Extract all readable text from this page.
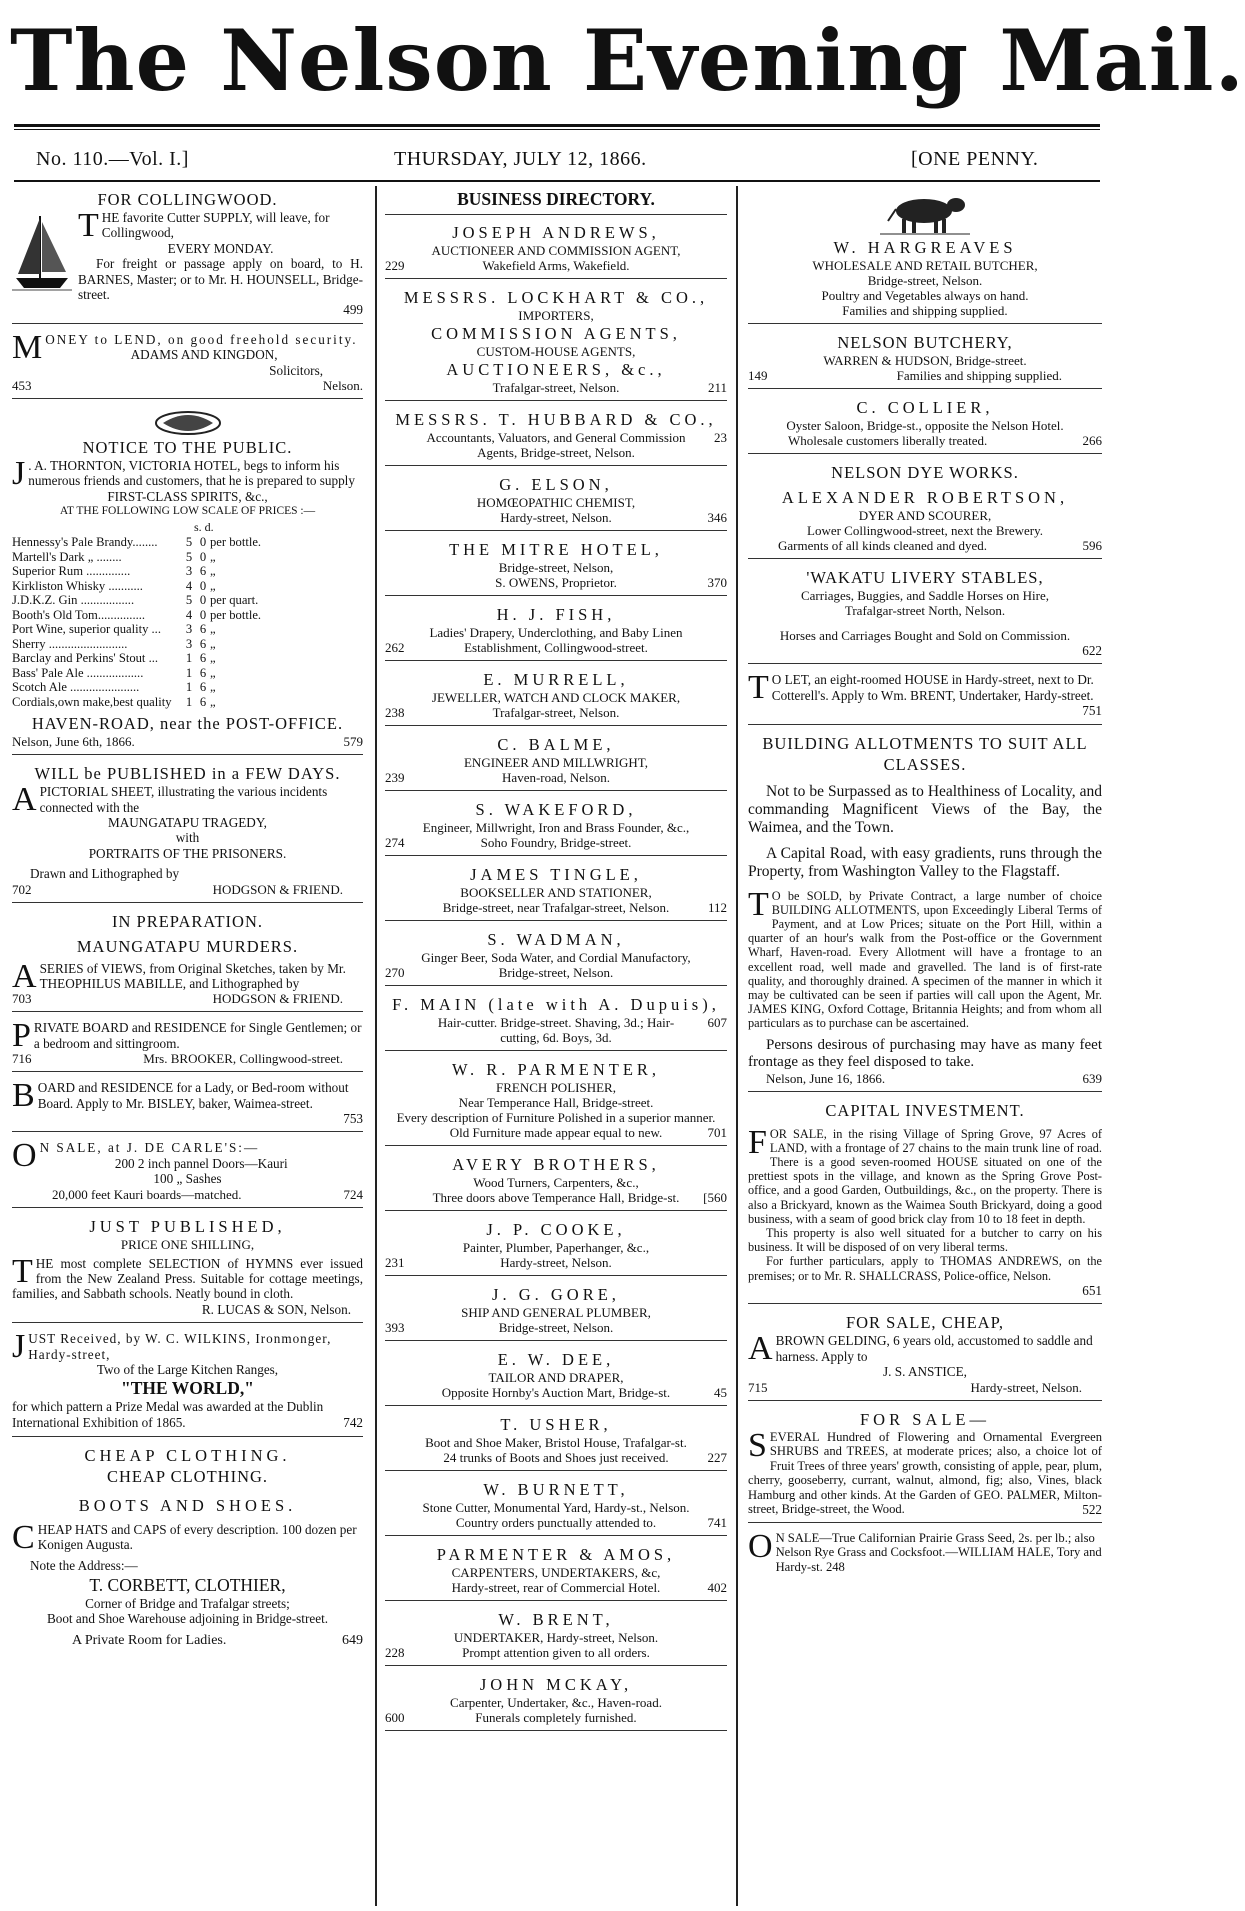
The Nelson Evening Mail.
No. 110.—Vol. I.]	THURSDAY, JULY 12, 1866.	[ONE PENNY.
FOR COLLINGWOOD.
THE favorite Cutter SUPPLY, will leave, for Collingwood,
EVERY MONDAY.
For freight or passage apply on board, to H. BARNES, Master; or to Mr. H. HOUNSELL, Bridge-street.
499
MONEY to LEND, on good freehold security.
ADAMS AND KINGDON,
Solicitors,
453	Nelson.
NOTICE TO THE PUBLIC.
J . A. THORNTON, VICTORIA HOTEL, begs to inform his numerous friends and customers, that he is prepared to supply
FIRST-CLASS SPIRITS, &c.,
AT THE FOLLOWING LOW SCALE OF PRICES :—
s. d.
Hennessy's Pale Brandy........	5 0 per bottle.
Martell's Dark „ ........	5 0 „
Superior Rum ..............	3 6 „
Kirkliston Whisky ...........	4 0 „
J.D.K.Z. Gin .................	5 0 per quart.
Booth's Old Tom...............	4 0 per bottle.
Port Wine, superior quality ...	3 6 „
Sherry .........................	3 6 „
Barclay and Perkins' Stout ...	1 6 „
Bass' Pale Ale ..................	1 6 „
Scotch Ale ......................	1 6 „
Cordials,own make,best quality	1 6 „
HAVEN-ROAD, near the POST-OFFICE.
Nelson, June 6th, 1866.	579
WILL be PUBLISHED in a FEW DAYS.
APICTORIAL SHEET, illustrating the various incidents connected with the
MAUNGATAPU TRAGEDY,
with
PORTRAITS OF THE PRISONERS.
Drawn and Lithographed by
702	HODGSON & FRIEND.
IN PREPARATION.
MAUNGATAPU MURDERS.
ASERIES of VIEWS, from Original Sketches, taken by Mr. THEOPHILUS MABILLE, and Lithographed by
703	HODGSON & FRIEND.
PRIVATE BOARD and RESIDENCE for Single Gentlemen; or a bedroom and sittingroom.
716	Mrs. BROOKER, Collingwood-street.
BOARD and RESIDENCE for a Lady, or Bed-room without Board. Apply to Mr. BISLEY, baker, Waimea-street.
753
O N SALE, at J. DE CARLE'S:—
200 2 inch pannel Doors—Kauri
100 „ Sashes
20,000 feet Kauri boards—matched.	724
JUST PUBLISHED,
PRICE ONE SHILLING,
THE most complete SELECTION of HYMNS ever issued from the New Zealand Press. Suitable for cottage meetings, families, and Sabbath schools. Neatly bound in cloth.
R. LUCAS & SON, Nelson.
JUST Received, by W. C. WILKINS, Ironmonger, Hardy-street,
Two of the Large Kitchen Ranges,
"THE WORLD,"
for which pattern a Prize Medal was awarded at the Dublin International Exhibition of 1865.	742
CHEAP CLOTHING.
CHEAP CLOTHING.
BOOTS AND SHOES.
CHEAP HATS and CAPS of every description. 100 dozen per Konigen Augusta.
Note the Address:—
T. CORBETT, CLOTHIER,
Corner of Bridge and Trafalgar streets;
Boot and Shoe Warehouse adjoining in Bridge-street.
A Private Room for Ladies.	649
BUSINESS DIRECTORY.
JOSEPH ANDREWS,
AUCTIONEER AND COMMISSION AGENT,
229	Wakefield Arms, Wakefield.
MESSRS. LOCKHART & CO.,
IMPORTERS,
COMMISSION AGENTS,
CUSTOM-HOUSE AGENTS,
AUCTIONEERS, &c.,
Trafalgar-street, Nelson.	211
MESSRS. T. HUBBARD & CO.,
Accountants, Valuators, and General Commission Agents, Bridge-street, Nelson.
23
G. ELSON,
HOMŒOPATHIC CHEMIST,
Hardy-street, Nelson.	346
THE MITRE HOTEL,
Bridge-street, Nelson,
S. OWENS, Proprietor.	370
H. J. FISH,
Ladies' Drapery, Underclothing, and Baby Linen
262	Establishment, Collingwood-street.
E. MURRELL,
JEWELLER, WATCH AND CLOCK MAKER,
238	Trafalgar-street, Nelson.
C. BALME,
ENGINEER AND MILLWRIGHT,
239	Haven-road, Nelson.
S. WAKEFORD,
Engineer, Millwright, Iron and Brass Founder, &c.,
274	Soho Foundry, Bridge-street.
JAMES TINGLE,
BOOKSELLER AND STATIONER,
Bridge-street, near Trafalgar-street, Nelson.	112
S. WADMAN,
Ginger Beer, Soda Water, and Cordial Manufactory,
270	Bridge-street, Nelson.
F. MAIN (late with A. Dupuis),
Hair-cutter. Bridge-street. Shaving, 3d.; Hair-cutting, 6d. Boys, 3d.
607
W. R. PARMENTER,
FRENCH POLISHER,
Near Temperance Hall, Bridge-street.
Every description of Furniture Polished in a superior manner.
Old Furniture made appear equal to new.	701
AVERY BROTHERS,
Wood Turners, Carpenters, &c.,
Three doors above Temperance Hall, Bridge-st.	[560
J. P. COOKE,
Painter, Plumber, Paperhanger, &c.,
231	Hardy-street, Nelson.
J. G. GORE,
SHIP AND GENERAL PLUMBER,
393	Bridge-street, Nelson.
E. W. DEE,
TAILOR AND DRAPER,
Opposite Hornby's Auction Mart, Bridge-st.	45
T. USHER,
Boot and Shoe Maker, Bristol House, Trafalgar-st.
24 trunks of Boots and Shoes just received.	227
W. BURNETT,
Stone Cutter, Monumental Yard, Hardy-st., Nelson.
Country orders punctually attended to.	741
PARMENTER & AMOS,
CARPENTERS, UNDERTAKERS, &c,
Hardy-street, rear of Commercial Hotel.	402
W. BRENT,
UNDERTAKER, Hardy-street, Nelson.
228	Prompt attention given to all orders.
JOHN MCKAY,
Carpenter, Undertaker, &c., Haven-road.
600	Funerals completely furnished.
W. HARGREAVES
WHOLESALE AND RETAIL BUTCHER,
Bridge-street, Nelson.
Poultry and Vegetables always on hand.
Families and shipping supplied.
NELSON BUTCHERY,
WARREN & HUDSON, Bridge-street.
149	Families and shipping supplied.
C. COLLIER,
Oyster Saloon, Bridge-st., opposite the Nelson Hotel.
Wholesale customers liberally treated.	266
NELSON DYE WORKS.
ALEXANDER ROBERTSON,
DYER AND SCOURER,
Lower Collingwood-street, next the Brewery.
Garments of all kinds cleaned and dyed.	596
'WAKATU LIVERY STABLES,
Carriages, Buggies, and Saddle Horses on Hire,
Trafalgar-street North, Nelson.
Horses and Carriages Bought and Sold on Commission.
622
T O LET, an eight-roomed HOUSE in Hardy-street, next to Dr. Cotterell's. Apply to Wm. BRENT, Undertaker, Hardy-street.
751
BUILDING ALLOTMENTS TO SUIT ALL CLASSES.
Not to be Surpassed as to Healthiness of Locality, and commanding Magnificent Views of the Bay, the Waimea, and the Town.
A Capital Road, with easy gradients, runs through the Property, from Washington Valley to the Flagstaff.
T O be SOLD, by Private Contract, a large number of choice BUILDING ALLOTMENTS, upon Exceedingly Liberal Terms of Payment, and at Low Prices; situate on the Port Hill, within a quarter of an hour's walk from the Post-office or the Government Wharf, Haven-road. Every Allotment will have a frontage to an excellent road, well made and gravelled. The land is of first-rate quality, and thoroughly drained. A specimen of the manner in which it may be cultivated can be seen if parties will call upon the Agent, Mr. JAMES KING, Oxford Cottage, Britannia Heights; and from whom all particulars as to purchase can be ascertained.
Persons desirous of purchasing may have as many feet frontage as they feel disposed to take.
Nelson, June 16, 1866.	639
CAPITAL INVESTMENT.
FOR SALE, in the rising Village of Spring Grove, 97 Acres of LAND, with a frontage of 27 chains to the main trunk line of road. There is a good seven-roomed HOUSE situated on one of the prettiest spots in the village, and known as the Spring Grove Post-office, and a good Garden, Outbuildings, &c., on the property. There is also a Brickyard, known as the Waimea South Brickyard, doing a good business, with a seam of good brick clay from 10 to 18 feet in depth.
This property is also well situated for a butcher to carry on his business. It will be disposed of on very liberal terms.
For further particulars, apply to THOMAS ANDREWS, on the premises; or to Mr. R. SHALLCRASS, Police-office, Nelson.
651
FOR SALE, CHEAP,
ABROWN GELDING, 6 years old, accustomed to saddle and harness. Apply to
J. S. ANSTICE,
715	Hardy-street, Nelson.
FOR SALE—
SEVERAL Hundred of Flowering and Ornamental Evergreen SHRUBS and TREES, at moderate prices; also, a choice lot of Fruit Trees of three years' growth, consisting of apple, pear, plum, cherry, gooseberry, currant, walnut, almond, fig; also, Vines, black Hamburg and other kinds. At the Garden of GEO. PALMER, Milton-street, Bridge-street, the Wood.	522
O N SALE—True Californian Prairie Grass Seed, 2s. per lb.; also Nelson Rye Grass and Cocksfoot.—WILLIAM HALE, Tory and Hardy-st. 248
